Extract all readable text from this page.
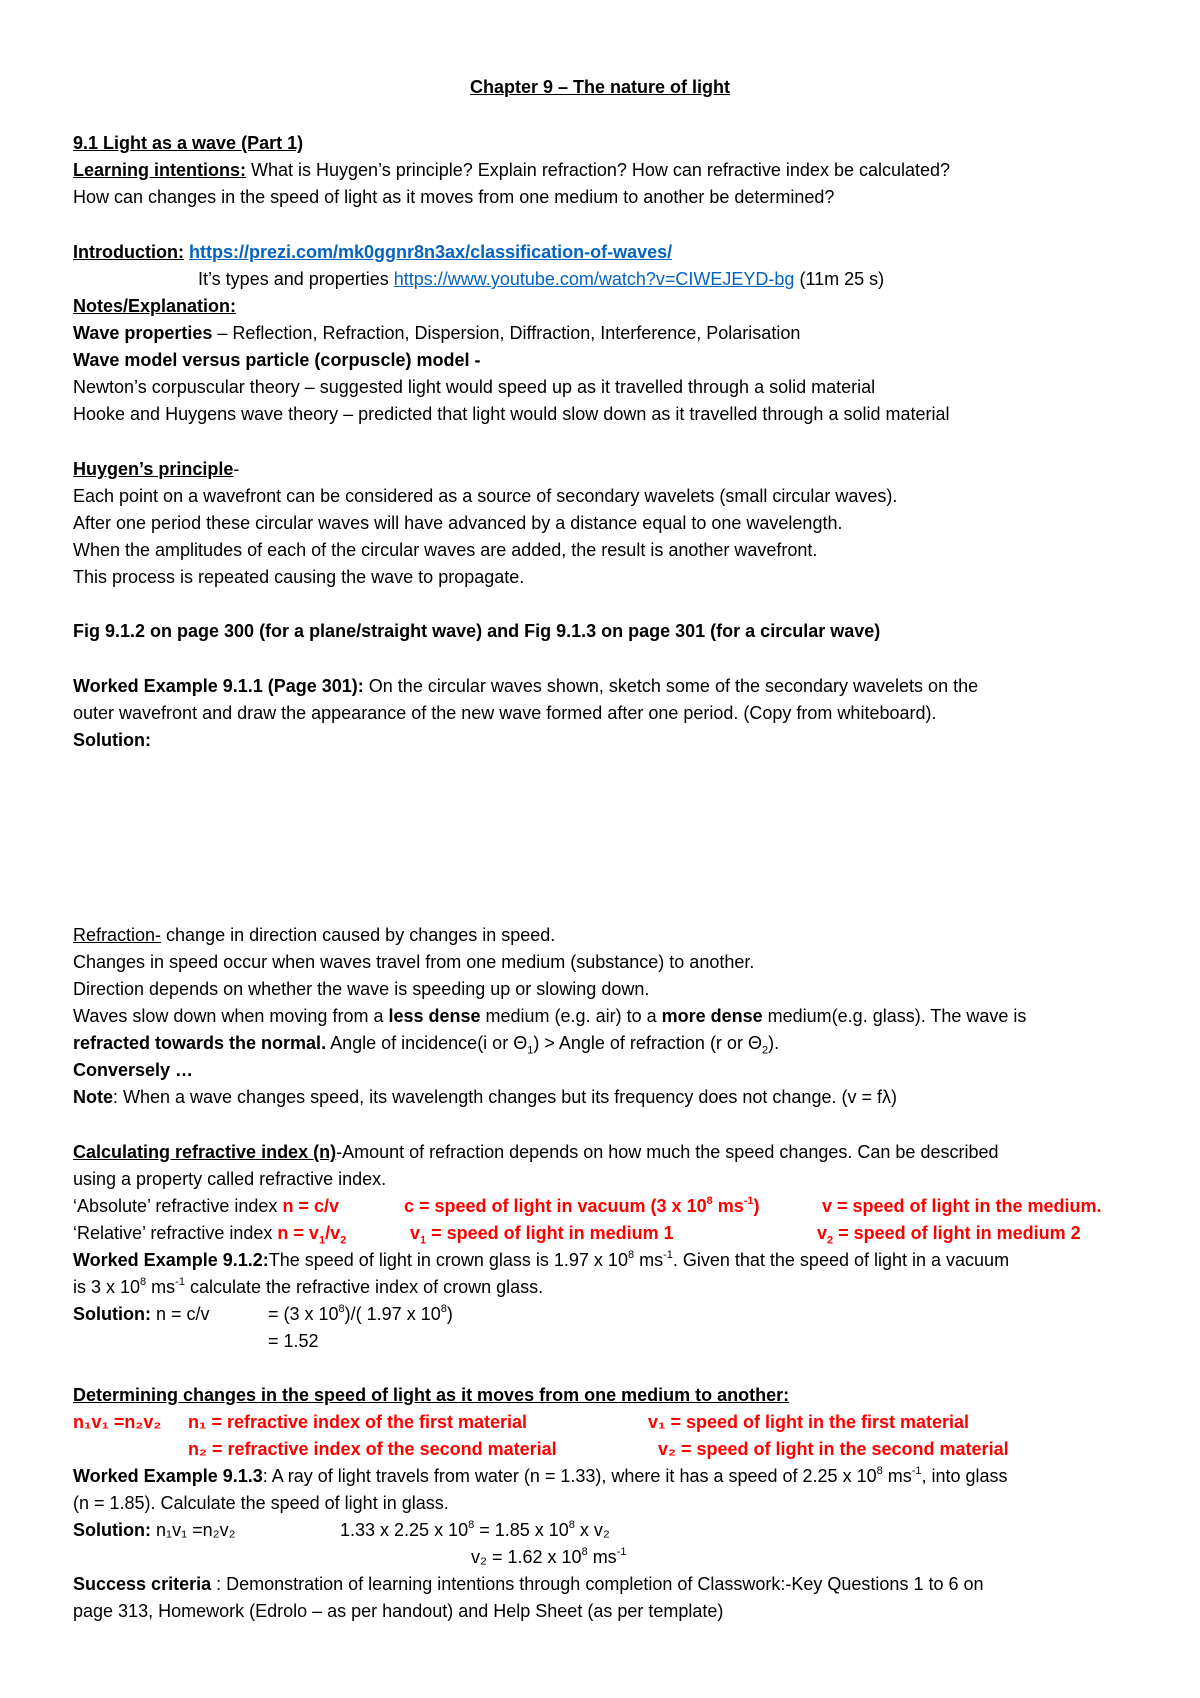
Chapter 9 – The nature of light
9.1 Light as a wave (Part 1)
Learning intentions: What is Huygen’s principle? Explain refraction? How can refractive index be calculated?
How can changes in the speed of light as it moves from one medium to another be determined?
Introduction: https://prezi.com/mk0ggnr8n3ax/classification-of-waves/
It’s types and properties https://www.youtube.com/watch?v=CIWEJEYD-bg (11m 25 s)
Notes/Explanation:
Wave properties – Reflection, Refraction, Dispersion, Diffraction, Interference, Polarisation
Wave model versus particle (corpuscle) model -
Newton’s corpuscular theory – suggested light would speed up as it travelled through a solid material
Hooke and Huygens wave theory – predicted that light would slow down as it travelled through a solid material
Huygen’s principle-
Each point on a wavefront can be considered as a source of secondary wavelets (small circular waves).
After one period these circular waves will have advanced by a distance equal to one wavelength.
When the amplitudes of each of the circular waves are added, the result is another wavefront.
This process is repeated causing the wave to propagate.
Fig 9.1.2 on page 300 (for a plane/straight wave) and Fig 9.1.3 on page 301 (for a circular wave)
Worked Example 9.1.1 (Page 301): On the circular waves shown, sketch some of the secondary wavelets on the
outer wavefront and draw the appearance of the new wave formed after one period. (Copy from whiteboard).
Solution:
Refraction- change in direction caused by changes in speed.
Changes in speed occur when waves travel from one medium (substance) to another.
Direction depends on whether the wave is speeding up or slowing down.
Waves slow down when moving from a less dense medium (e.g. air) to a more dense medium(e.g. glass). The wave is
refracted towards the normal. Angle of incidence(i or $\Theta_1$) > Angle of refraction (r or $\Theta_2$).
Conversely …
Note: When a wave changes speed, its wavelength changes but its frequency does not change. (v = fλ)
Calculating refractive index (n)-Amount of refraction depends on how much the speed changes. Can be described
using a property called refractive index.
‘Absolute’ refractive index n = c/v	c = speed of light in vacuum (3 x $10^8$ $ms^{-1}$)	v = speed of light in the medium.
‘Relative’ refractive index $n = v_1/v_2$	$v_1$ = speed of light in medium 1	$v_2$ = speed of light in medium 2
Worked Example 9.1.2:The speed of light in crown glass is 1.97 x $10^8$ $ms^{-1}$. Given that the speed of light in a vacuum
is 3 x $10^8$ $ms^{-1}$ calculate the refractive index of crown glass.
Solution: n = c/v	= (3 x $10^8)/$( 1.97 x $10^8$)
= 1.52
Determining changes in the speed of light as it moves from one medium to another:
n₁v₁ =n₂v₂ n₁ = refractive index of the first material	v₁ = speed of light in the first material
n₂ = refractive index of the second material	v₂ = speed of light in the second material
Worked Example 9.1.3: A ray of light travels from water (n = 1.33), where it has a speed of 2.25 x $10^8$ $ms^{-1}$, into glass
(n = 1.85). Calculate the speed of light in glass.
Solution: n₁v₁ =n₂v₂	1.33 x 2.25 x $10^8 = 1.85$ x $10^8$ x v₂
v₂ = 1.62 x $10^8$ $ms^{-1}$
Success criteria : Demonstration of learning intentions through completion of Classwork:-Key Questions 1 to 6 on
page 313, Homework (Edrolo – as per handout) and Help Sheet (as per template)
